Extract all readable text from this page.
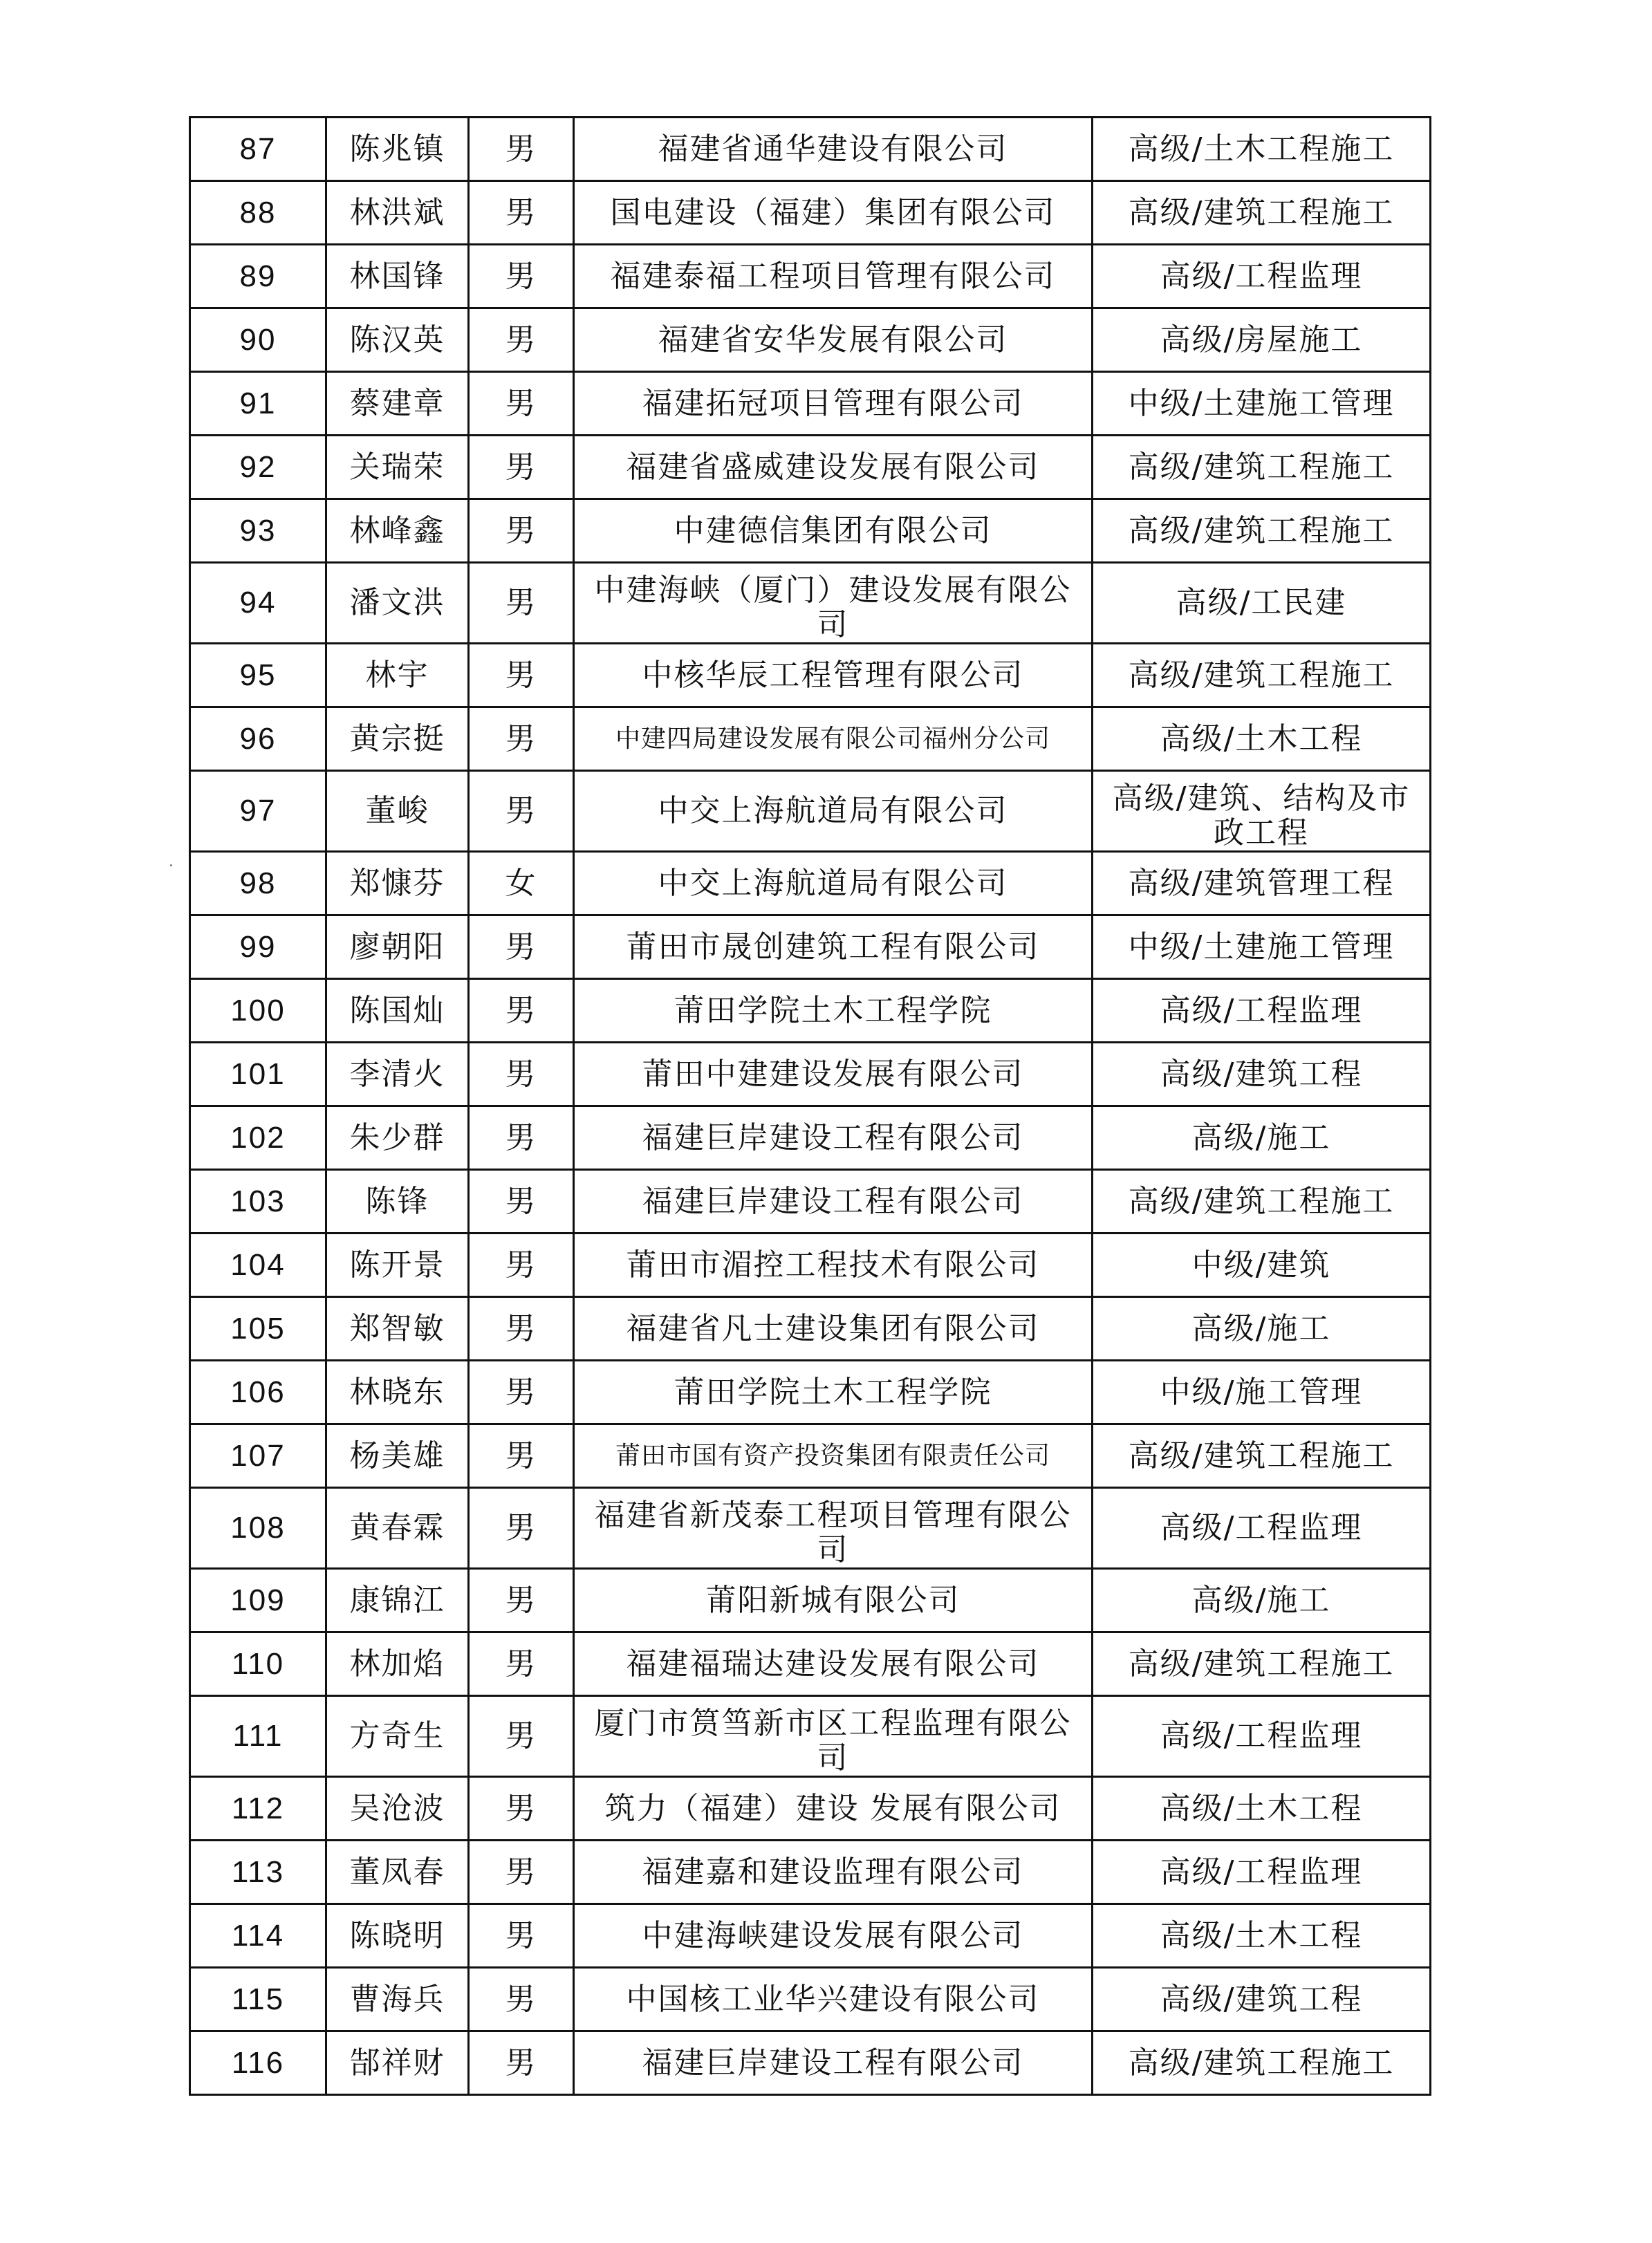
87	陈兆镇	男	福建省通华建设有限公司	高级/土木工程施工
88	林洪斌	男	国电建设（福建）集团有限公司	高级/建筑工程施工
89	林国锋	男	福建泰福工程项目管理有限公司	高级/工程监理
90	陈汉英	男	福建省安华发展有限公司	高级/房屋施工
91	蔡建章	男	福建拓冠项目管理有限公司	中级/土建施工管理
92	关瑞荣	男	福建省盛威建设发展有限公司	高级/建筑工程施工
93	林峰鑫	男	中建德信集团有限公司	高级/建筑工程施工
94	潘文洪	男	中建海峡（厦门）建设发展有限公司	高级/工民建
95	林宇	男	中核华辰工程管理有限公司	高级/建筑工程施工
96	黄宗挺	男	中建四局建设发展有限公司福州分公司	高级/土木工程
97	董峻	男	中交上海航道局有限公司	高级/建筑、结构及市政工程
98	郑慷芬	女	中交上海航道局有限公司	高级/建筑管理工程
99	廖朝阳	男	莆田市晟创建筑工程有限公司	中级/土建施工管理
100	陈国灿	男	莆田学院土木工程学院	高级/工程监理
101	李清火	男	莆田中建建设发展有限公司	高级/建筑工程
102	朱少群	男	福建巨岸建设工程有限公司	高级/施工
103	陈锋	男	福建巨岸建设工程有限公司	高级/建筑工程施工
104	陈开景	男	莆田市湄控工程技术有限公司	中级/建筑
105	郑智敏	男	福建省凡士建设集团有限公司	高级/施工
106	林晓东	男	莆田学院土木工程学院	中级/施工管理
107	杨美雄	男	莆田市国有资产投资集团有限责任公司	高级/建筑工程施工
108	黄春霖	男	福建省新茂泰工程项目管理有限公司	高级/工程监理
109	康锦江	男	莆阳新城有限公司	高级/施工
110	林加焰	男	福建福瑞达建设发展有限公司	高级/建筑工程施工
111	方奇生	男	厦门市筼筜新市区工程监理有限公司	高级/工程监理
112	吴沧波	男	筑力（福建）建设 发展有限公司	高级/土木工程
113	董凤春	男	福建嘉和建设监理有限公司	高级/工程监理
114	陈晓明	男	中建海峡建设发展有限公司	高级/土木工程
115	曹海兵	男	中国核工业华兴建设有限公司	高级/建筑工程
116	郜祥财	男	福建巨岸建设工程有限公司	高级/建筑工程施工
